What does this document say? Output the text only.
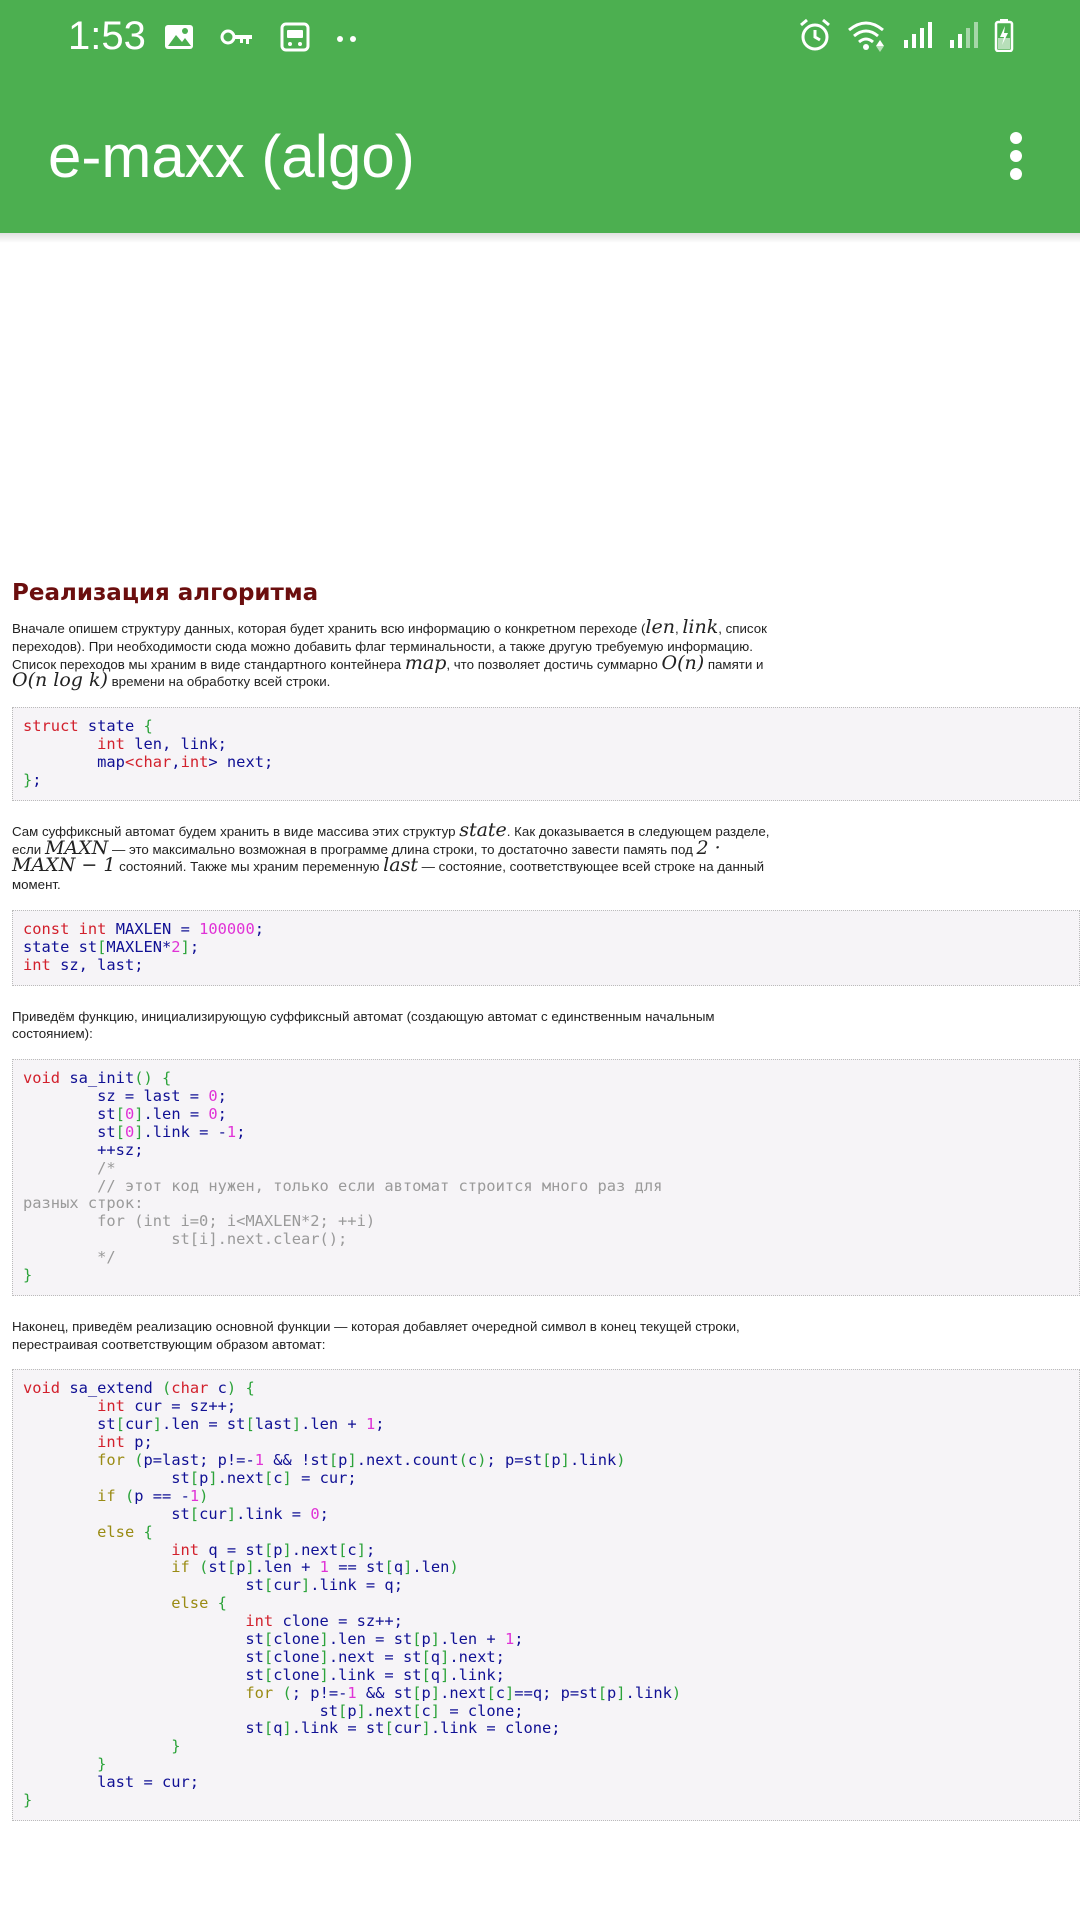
1:53
e-maxx (algo)
Реализация алгоритма

Вначале опишем структуру данных, которая будет хранить всю информацию о конкретном переходе (len, link, список переходов). При необходимости сюда можно добавить флаг терминальности, а также другую требуемую информацию. Список переходов мы храним в виде стандартного контейнера map, что позволяет достичь суммарно O(n) памяти и O(n log k) времени на обработку всей строки.

struct state {
int len, link;
map<char,int> next;
};

Сам суффиксный автомат будем хранить в виде массива этих структур state. Как доказывается в следующем разделе, если MAXN — это максимально возможная в программе длина строки, то достаточно завести память под 2 · MAXN − 1 состояний. Также мы храним переменную last — состояние, соответствующее всей строке на данный момент.

const int MAXLEN = 100000;
state st[MAXLEN*2];
int sz, last;

Приведём функцию, инициализирующую суффиксный автомат (создающую автомат с единственным начальным состоянием):

void sa_init() {
sz = last = 0;
st[0].len = 0;
st[0].link = -1;
++sz;
/*
// этот код нужен, только если автомат строится много раз для
разных строк:
for (int i=0; i<MAXLEN*2; ++i)
st[i].next.clear();
*/
}

Наконец, приведём реализацию основной функции — которая добавляет очередной символ в конец текущей строки, перестраивая соответствующим образом автомат:

void sa_extend (char c) {
int cur = sz++;
st[cur].len = st[last].len + 1;
int p;
for (p=last; p!=-1 && !st[p].next.count(c); p=st[p].link)
st[p].next[c] = cur;
if (p == -1)
st[cur].link = 0;
else {
int q = st[p].next[c];
if (st[p].len + 1 == st[q].len)
st[cur].link = q;
else {
int clone = sz++;
st[clone].len = st[p].len + 1;
st[clone].next = st[q].next;
st[clone].link = st[q].link;
for (; p!=-1 && st[p].next[c]==q; p=st[p].link)
st[p].next[c] = clone;
st[q].link = st[cur].link = clone;
}
}
last = cur;
}
